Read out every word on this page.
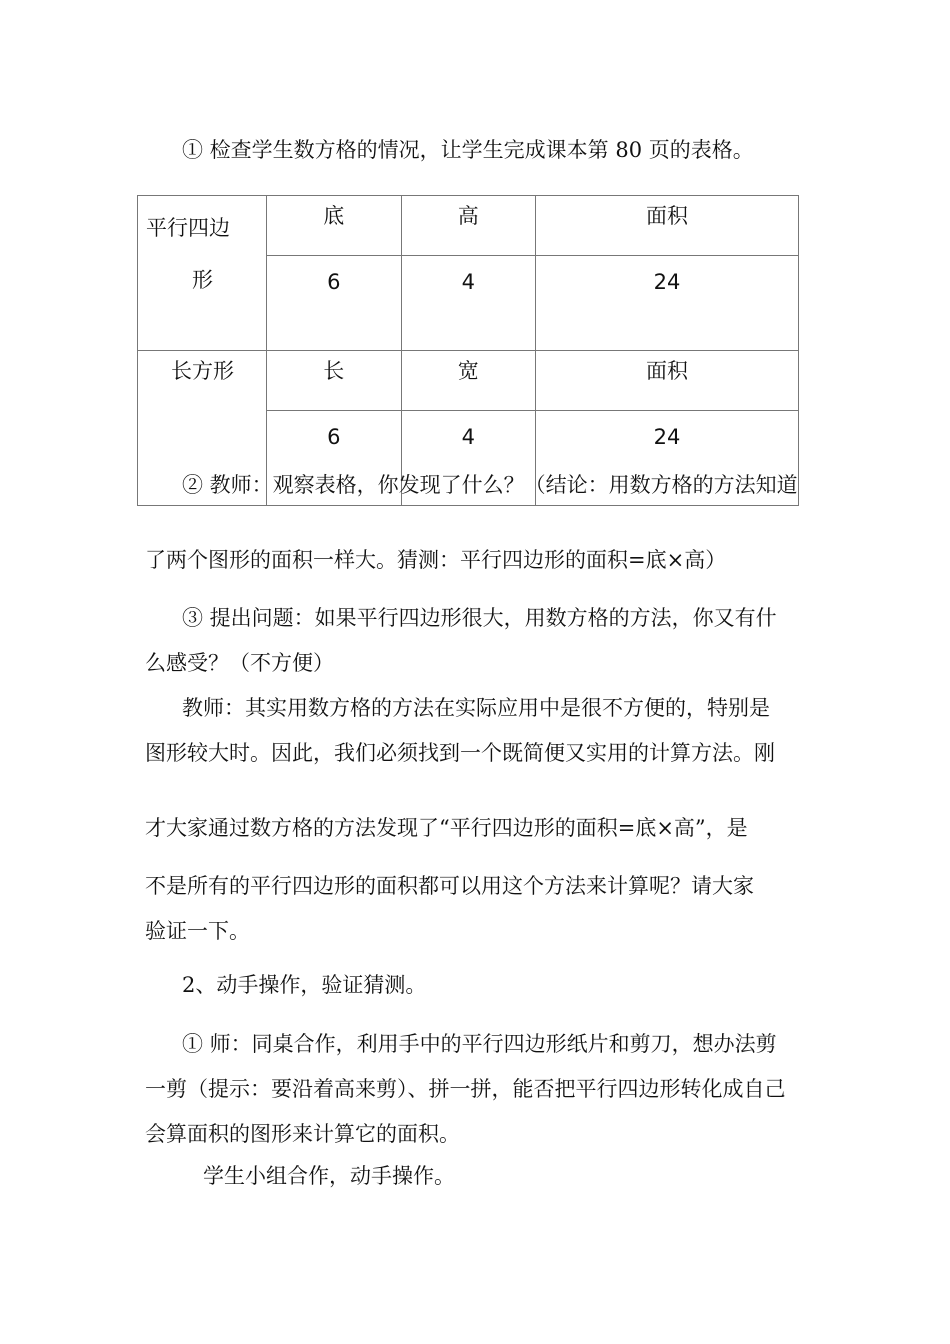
① 检查学生数方格的情况，让学生完成课本第 80 页的表格。
平行四边
形	底	高	面积
	6	4	24

长方形	长	宽	面积
	6	4	24
② 教师：观察表格，你发现了什么？（结论：用数方格的方法知道
了两个图形的面积一样大。猜测：平行四边形的面积=底×高）
③ 提出问题：如果平行四边形很大，用数方格的方法，你又有什
么感受？（不方便）
教师：其实用数方格的方法在实际应用中是很不方便的，特别是
图形较大时。因此，我们必须找到一个既简便又实用的计算方法。刚
才大家通过数方格的方法发现了“平行四边形的面积=底×高”，是
不是所有的平行四边形的面积都可以用这个方法来计算呢？请大家
验证一下。
2、动手操作，验证猜测。
① 师：同桌合作，利用手中的平行四边形纸片和剪刀，想办法剪
一剪（提示：要沿着高来剪）、拼一拼，能否把平行四边形转化成自己
会算面积的图形来计算它的面积。
学生小组合作，动手操作。
